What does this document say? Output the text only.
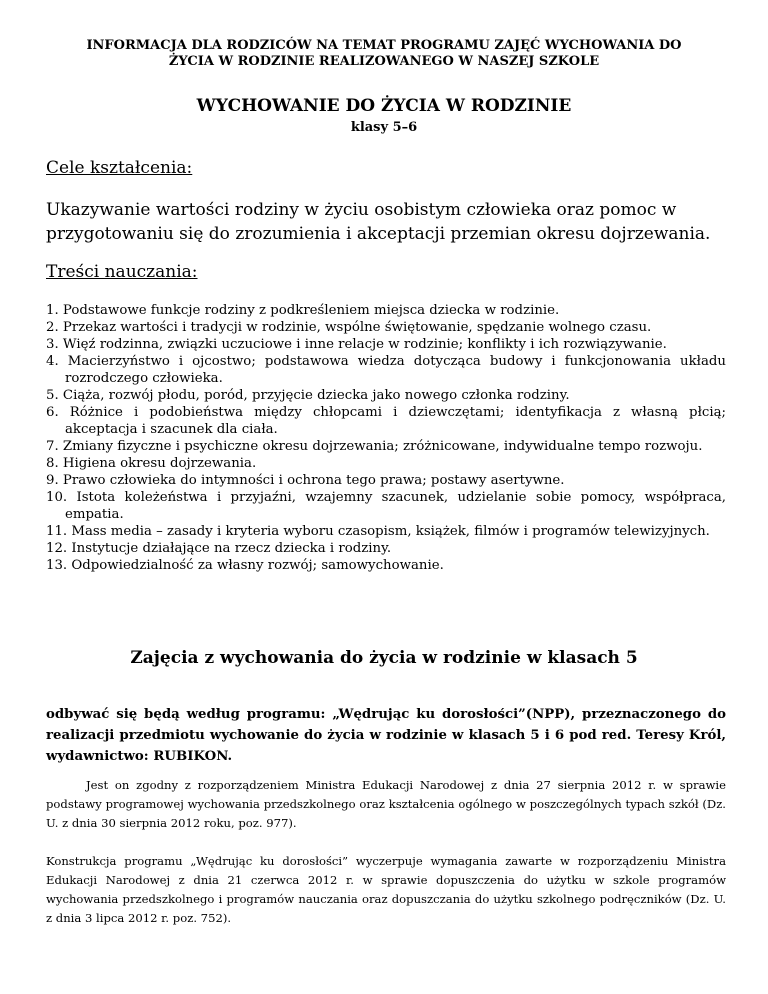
INFORMACJA DLA RODZICÓW NA TEMAT PROGRAMU ZAJĘĆ WYCHOWANIA DO
ŻYCIA W RODZINIE REALIZOWANEGO W NASZEJ SZKOLE
WYCHOWANIE DO ŻYCIA W RODZINIE
klasy 5–6
Cele kształcenia:
Ukazywanie wartości rodziny w życiu osobistym człowieka oraz pomoc w
przygotowaniu się do zrozumienia i akceptacji przemian okresu dojrzewania.
Treści nauczania:
1. Podstawowe funkcje rodziny z podkreśleniem miejsca dziecka w rodzinie.
2. Przekaz wartości i tradycji w rodzinie, wspólne świętowanie, spędzanie wolnego czasu.
3. Więź rodzinna, związki uczuciowe i inne relacje w rodzinie; konflikty i ich rozwiązywanie.
4. Macierzyństwo i ojcostwo; podstawowa wiedza dotycząca budowy i funkcjonowania układu rozrodczego człowieka.
5. Ciąża, rozwój płodu, poród, przyjęcie dziecka jako nowego członka rodziny.
6. Różnice i podobieństwa między chłopcami i dziewczętami; identyfikacja z własną płcią; akceptacja i szacunek dla ciała.
7. Zmiany fizyczne i psychiczne okresu dojrzewania; zróżnicowane, indywidualne tempo rozwoju.
8. Higiena okresu dojrzewania.
9. Prawo człowieka do intymności i ochrona tego prawa; postawy asertywne.
10. Istota koleżeństwa i przyjaźni, wzajemny szacunek, udzielanie sobie pomocy, współpraca, empatia.
11. Mass media – zasady i kryteria wyboru czasopism, książek, filmów i programów telewizyjnych.
12. Instytucje działające na rzecz dziecka i rodziny.
13. Odpowiedzialność za własny rozwój; samowychowanie.
Zajęcia z wychowania do życia w rodzinie w klasach 5
odbywać się będą według programu: „Wędrując ku dorosłości”(NPP), przeznaczonego do realizacji przedmiotu wychowanie do życia w rodzinie w klasach 5 i 6 pod red. Teresy Król, wydawnictwo: RUBIKON.
Jest on zgodny z rozporządzeniem Ministra Edukacji Narodowej z dnia 27 sierpnia 2012 r. w sprawie podstawy programowej wychowania przedszkolnego oraz kształcenia ogólnego w poszczególnych typach szkół (Dz. U. z dnia 30 sierpnia 2012 roku, poz. 977).
Konstrukcja programu „Wędrując ku dorosłości” wyczerpuje wymagania zawarte w rozporządzeniu Ministra Edukacji Narodowej z dnia 21 czerwca 2012 r. w sprawie dopuszczenia do użytku w szkole programów wychowania przedszkolnego i programów nauczania oraz dopuszczania do użytku szkolnego podręczników (Dz. U. z dnia 3 lipca 2012 r. poz. 752).
